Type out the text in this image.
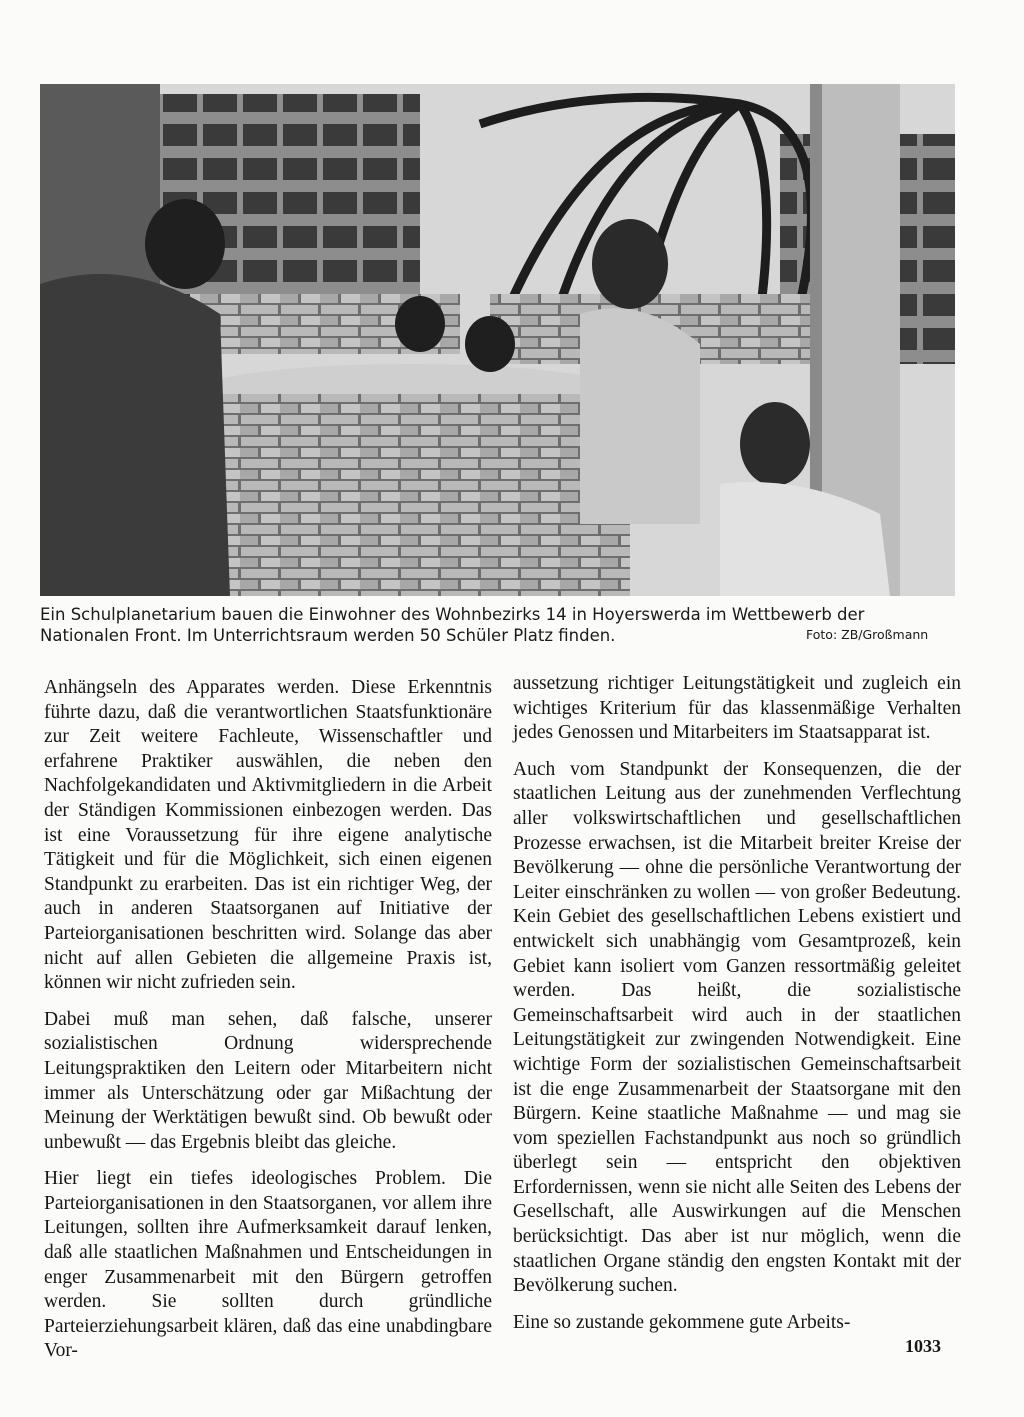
Ein Schulplanetarium bauen die Einwohner des Wohnbezirks 14 in Hoyerswerda im Wettbewerb der Nationalen Front. Im Unterrichtsraum werden 50 Schüler Platz finden.	Foto: ZB/Großmann

Anhängseln des Apparates werden. Diese Erkenntnis führte dazu, daß die verantwortlichen Staatsfunktionäre zur Zeit weitere Fachleute, Wissenschaftler und erfahrene Praktiker auswählen, die neben den Nachfolgekandidaten und Aktivmitgliedern in die Arbeit der Ständigen Kommissionen einbezogen werden. Das ist eine Voraussetzung für ihre eigene analytische Tätigkeit und für die Möglichkeit, sich einen eigenen Standpunkt zu erarbeiten. Das ist ein richtiger Weg, der auch in anderen Staatsorganen auf Initiative der Parteiorganisationen beschritten wird. Solange das aber nicht auf allen Gebieten die allgemeine Praxis ist, können wir nicht zufrieden sein.

Dabei muß man sehen, daß falsche, unserer sozialistischen Ordnung widersprechende Leitungspraktiken den Leitern oder Mitarbeitern nicht immer als Unterschätzung oder gar Mißachtung der Meinung der Werktätigen bewußt sind. Ob bewußt oder unbewußt — das Ergebnis bleibt das gleiche.

Hier liegt ein tiefes ideologisches Problem. Die Parteiorganisationen in den Staatsorganen, vor allem ihre Leitungen, sollten ihre Aufmerksamkeit darauf lenken, daß alle staatlichen Maßnahmen und Entscheidungen in enger Zusammenarbeit mit den Bürgern getroffen werden. Sie sollten durch gründliche Parteierziehungsarbeit klären, daß das eine unabdingbare Vor-

aussetzung richtiger Leitungstätigkeit und zugleich ein wichtiges Kriterium für das klassenmäßige Verhalten jedes Genossen und Mitarbeiters im Staatsapparat ist.

Auch vom Standpunkt der Konsequenzen, die der staatlichen Leitung aus der zunehmenden Verflechtung aller volkswirtschaftlichen und gesellschaftlichen Prozesse erwachsen, ist die Mitarbeit breiter Kreise der Bevölkerung — ohne die persönliche Verantwortung der Leiter einschränken zu wollen — von großer Bedeutung. Kein Gebiet des gesellschaftlichen Lebens existiert und entwickelt sich unabhängig vom Gesamtprozeß, kein Gebiet kann isoliert vom Ganzen ressortmäßig geleitet werden. Das heißt, die sozialistische Gemeinschaftsarbeit wird auch in der staatlichen Leitungstätigkeit zur zwingenden Notwendigkeit. Eine wichtige Form der sozialistischen Gemeinschaftsarbeit ist die enge Zusammenarbeit der Staatsorgane mit den Bürgern. Keine staatliche Maßnahme — und mag sie vom speziellen Fachstandpunkt aus noch so gründlich überlegt sein — entspricht den objektiven Erfordernissen, wenn sie nicht alle Seiten des Lebens der Gesellschaft, alle Auswirkungen auf die Menschen berücksichtigt. Das aber ist nur möglich, wenn die staatlichen Organe ständig den engsten Kontakt mit der Bevölkerung suchen.

Eine so zustande gekommene gute Arbeits-

1033
